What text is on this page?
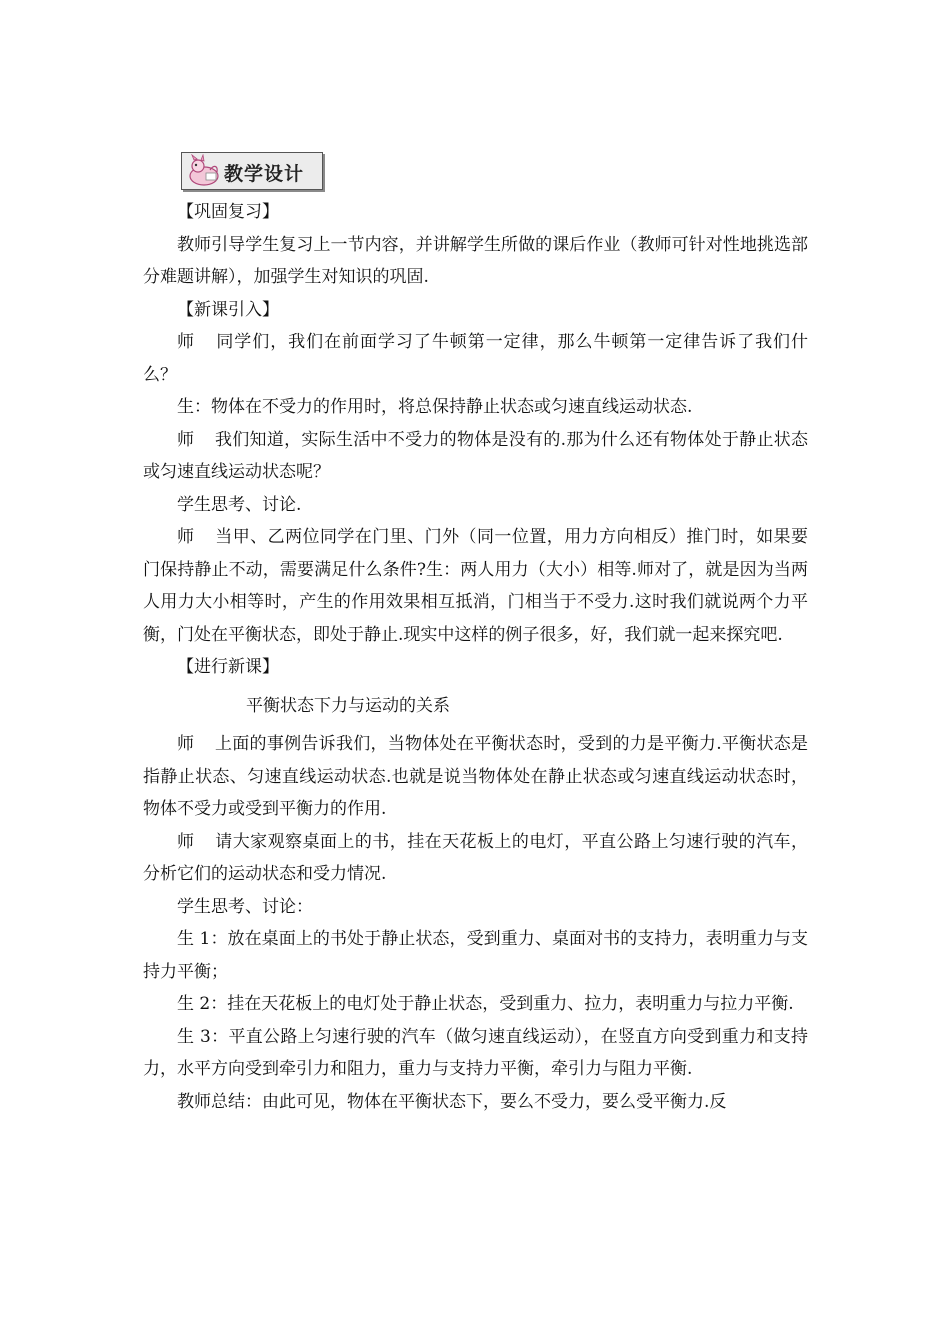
教学设计

【巩固复习】

教师引导学生复习上一节内容，并讲解学生所做的课后作业（教师可针对性地挑选部分难题讲解），加强学生对知识的巩固.

【新课引入】

师 同学们，我们在前面学习了牛顿第一定律，那么牛顿第一定律告诉了我们什么？

生：物体在不受力的作用时，将总保持静止状态或匀速直线运动状态.

师 我们知道，实际生活中不受力的物体是没有的.那为什么还有物体处于静止状态或匀速直线运动状态呢？

学生思考、讨论.

师 当甲、乙两位同学在门里、门外（同一位置，用力方向相反）推门时，如果要门保持静止不动，需要满足什么条件?生：两人用力（大小）相等.师对了，就是因为当两人用力大小相等时，产生的作用效果相互抵消，门相当于不受力.这时我们就说两个力平衡，门处在平衡状态，即处于静止.现实中这样的例子很多，好，我们就一起来探究吧.

【进行新课】

平衡状态下力与运动的关系

师 上面的事例告诉我们，当物体处在平衡状态时，受到的力是平衡力.平衡状态是指静止状态、匀速直线运动状态.也就是说当物体处在静止状态或匀速直线运动状态时，物体不受力或受到平衡力的作用.

师 请大家观察桌面上的书，挂在天花板上的电灯，平直公路上匀速行驶的汽车，分析它们的运动状态和受力情况.

学生思考、讨论：

生 1：放在桌面上的书处于静止状态，受到重力、桌面对书的支持力，表明重力与支持力平衡；

生 2：挂在天花板上的电灯处于静止状态，受到重力、拉力，表明重力与拉力平衡.

生 3：平直公路上匀速行驶的汽车（做匀速直线运动），在竖直方向受到重力和支持力，水平方向受到牵引力和阻力，重力与支持力平衡，牵引力与阻力平衡.

教师总结：由此可见，物体在平衡状态下，要么不受力，要么受平衡力.反
